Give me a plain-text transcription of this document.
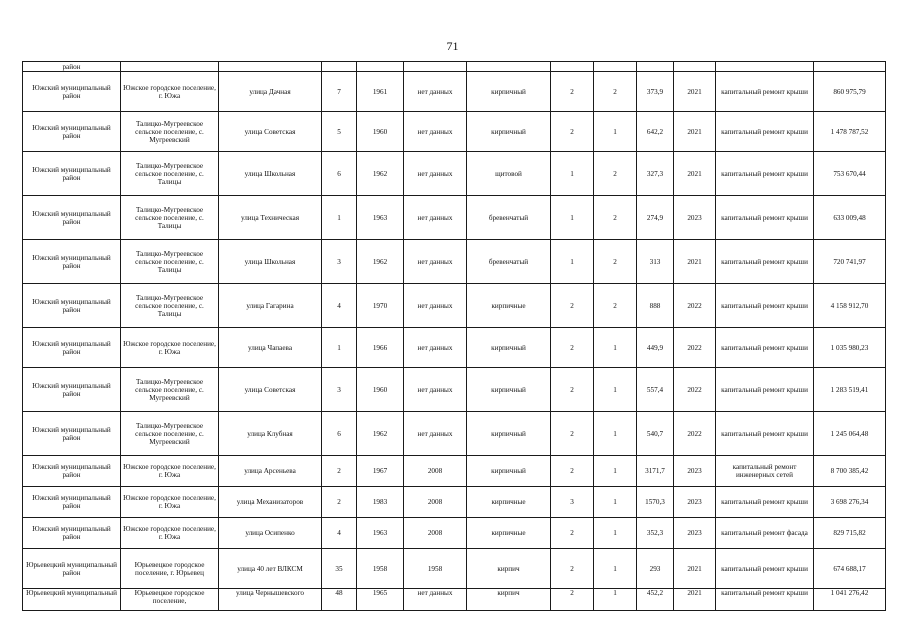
71
район												
Южский муниципальный район	Южское городское поселение, г. Южа	улица Дачная	7	1961	нет данных	кирпичный	2	2	373,9	2021	капитальный ремонт крыши	860 975,79
Южский муниципальный район	Талицко-Мугреевское сельское поселение, с. Мугреевский	улица Советская	5	1960	нет данных	кирпичный	2	1	642,2	2021	капитальный ремонт крыши	1 478 787,52
Южский муниципальный район	Талицко-Мугреевское сельское поселение, с. Талицы	улица Школьная	6	1962	нет данных	щитовой	1	2	327,3	2021	капитальный ремонт крыши	753 670,44
Южский муниципальный район	Талицко-Мугреевское сельское поселение, с. Талицы	улица Техническая	1	1963	нет данных	бревенчатый	1	2	274,9	2023	капитальный ремонт крыши	633 009,48
Южский муниципальный район	Талицко-Мугреевское сельское поселение, с. Талицы	улица Школьная	3	1962	нет данных	бревенчатый	1	2	313	2021	капитальный ремонт крыши	720 741,97
Южский муниципальный район	Талицко-Мугреевское сельское поселение, с. Талицы	улица Гагарина	4	1970	нет данных	кирпичные	2	2	888	2022	капитальный ремонт крыши	4 158 912,70
Южский муниципальный район	Южское городское поселение, г. Южа	улица Чапаева	1	1966	нет данных	кирпичный	2	1	449,9	2022	капитальный ремонт крыши	1 035 980,23
Южский муниципальный район	Талицко-Мугреевское сельское поселение, с. Мугреевский	улица Советская	3	1960	нет данных	кирпичный	2	1	557,4	2022	капитальный ремонт крыши	1 283 519,41
Южский муниципальный район	Талицко-Мугреевское сельское поселение, с. Мугреевский	улица Клубная	6	1962	нет данных	кирпичный	2	1	540,7	2022	капитальный ремонт крыши	1 245 064,48
Южский муниципальный район	Южское городское поселение, г. Южа	улица Арсеньева	2	1967	2008	кирпичный	2	1	3171,7	2023	капитальный ремонт инженерных сетей	8 700 385,42
Южский муниципальный район	Южское городское поселение, г. Южа	улица Механизаторов	2	1983	2008	кирпичные	3	1	1570,3	2023	капитальный ремонт крыши	3 698 276,34
Южский муниципальный район	Южское городское поселение, г. Южа	улица Осипенко	4	1963	2008	кирпичные	2	1	352,3	2023	капитальный ремонт фасада	829 715,82
Юрьевецкий муниципальный район	Юрьевецкое городское поселение, г. Юрьевец	улица 40 лет ВЛКСМ	35	1958	1958	кирпич	2	1	293	2021	капитальный ремонт крыши	674 688,17
Юрьевецкий муниципальный	Юрьевецкое городское поселение,	улица Чернышевского	48	1965	нет данных	кирпич	2	1	452,2	2021	капитальный ремонт крыши	1 041 276,42
